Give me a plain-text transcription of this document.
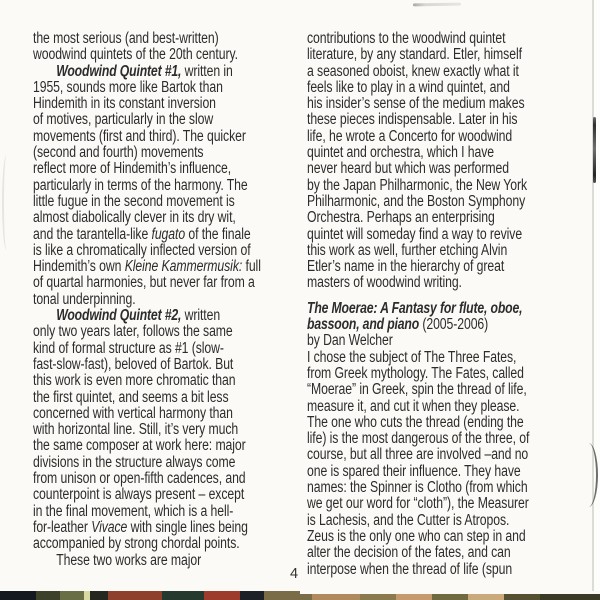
the most serious (and best-written)
woodwind quintets of the 20th century.
Woodwind Quintet #1, written in
1955, sounds more like Bartok than
Hindemith in its constant inversion
of motives, particularly in the slow
movements (first and third). The quicker
(second and fourth) movements
reflect more of Hindemith’s influence,
particularly in terms of the harmony. The
little fugue in the second movement is
almost diabolically clever in its dry wit,
and the tarantella-like fugato of the finale
is like a chromatically inflected version of
Hindemith’s own Kleine Kammermusik: full
of quartal harmonies, but never far from a
tonal underpinning.
Woodwind Quintet #2, written
only two years later, follows the same
kind of formal structure as #1 (slow-
fast-slow-fast), beloved of Bartok. But
this work is even more chromatic than
the first quintet, and seems a bit less
concerned with vertical harmony than
with horizontal line. Still, it’s very much
the same composer at work here: major
divisions in the structure always come
from unison or open-fifth cadences, and
counterpoint is always present – except
in the final movement, which is a hell-
for-leather Vivace with single lines being
accompanied by strong chordal points.
These two works are major
contributions to the woodwind quintet
literature, by any standard. Etler, himself
a seasoned oboist, knew exactly what it
feels like to play in a wind quintet, and
his insider’s sense of the medium makes
these pieces indispensable. Later in his
life, he wrote a Concerto for woodwind
quintet and orchestra, which I have
never heard but which was performed
by the Japan Philharmonic, the New York
Philharmonic, and the Boston Symphony
Orchestra. Perhaps an enterprising
quintet will someday find a way to revive
this work as well, further etching Alvin
Etler’s name in the hierarchy of great
masters of woodwind writing.
The Moerae: A Fantasy for flute, oboe,
bassoon, and piano (2005-2006)
by Dan Welcher
I chose the subject of The Three Fates,
from Greek mythology. The Fates, called
“Moerae” in Greek, spin the thread of life,
measure it, and cut it when they please.
The one who cuts the thread (ending the
life) is the most dangerous of the three, of
course, but all three are involved –and no
one is spared their influence. They have
names: the Spinner is Clotho (from which
we get our word for “cloth”), the Measurer
is Lachesis, and the Cutter is Atropos.
Zeus is the only one who can step in and
alter the decision of the fates, and can
interpose when the thread of life (spun
4
